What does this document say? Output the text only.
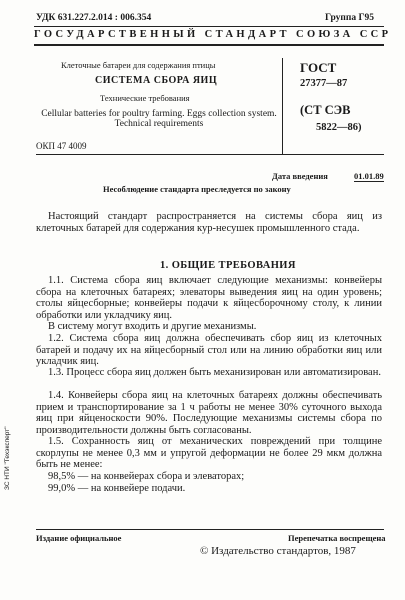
УДК 631.227.2.014 : 006.354	Группа Г95
ГОСУДАРСТВЕННЫЙ СТАНДАРТ СОЮЗА ССР
Клеточные батареи для содержания птицы
СИСТЕМА СБОРА ЯИЦ
Технические требования
Cellular batteries for poultry farming. Eggs collection system. Technical requirements
ОКП 47 4009
ГОСТ
27377—87
(СТ СЭВ
5822—86)
Дата введения	01.01.89
Несоблюдение стандарта преследуется по закону
Настоящий стандарт распространяется на системы сбора яиц из клеточных батарей для содержания кур-несушек промышленного стада.
1. ОБЩИЕ ТРЕБОВАНИЯ
1.1. Система сбора яиц включает следующие механизмы: конвейеры сбора на клеточных батареях; элеваторы выведения яиц на один уровень; столы яйцесборные; конвейеры подачи к яйцесборочному столу, к линии обработки или укладчику яиц.
В систему могут входить и другие механизмы.
1.2. Система сбора яиц должна обеспечивать сбор яиц из клеточных батарей и подачу их на яйцесборный стол или на линию обработки яиц или укладчик яиц.
1.3. Процесс сбора яиц должен быть механизирован или автоматизирован.
1.4. Конвейеры сбора яиц на клеточных батареях должны обеспечивать прием и транспортирование за 1 ч работы не менее 30% суточного выхода яиц при яйценоскости 90%. Последующие механизмы системы сбора по производительности должны быть согласованы.
1.5. Сохранность яиц от механических повреждений при толщине скорлупы не менее 0,3 мм и упругой деформации не более 29 мкм должна быть не менее:
98,5% — на конвейерах сбора и элеваторах;
99,0% — на конвейере подачи.
ЗС НТИ "Техэксперт"
Издание официальное	Перепечатка воспрещена
© Издательство стандартов, 1987
